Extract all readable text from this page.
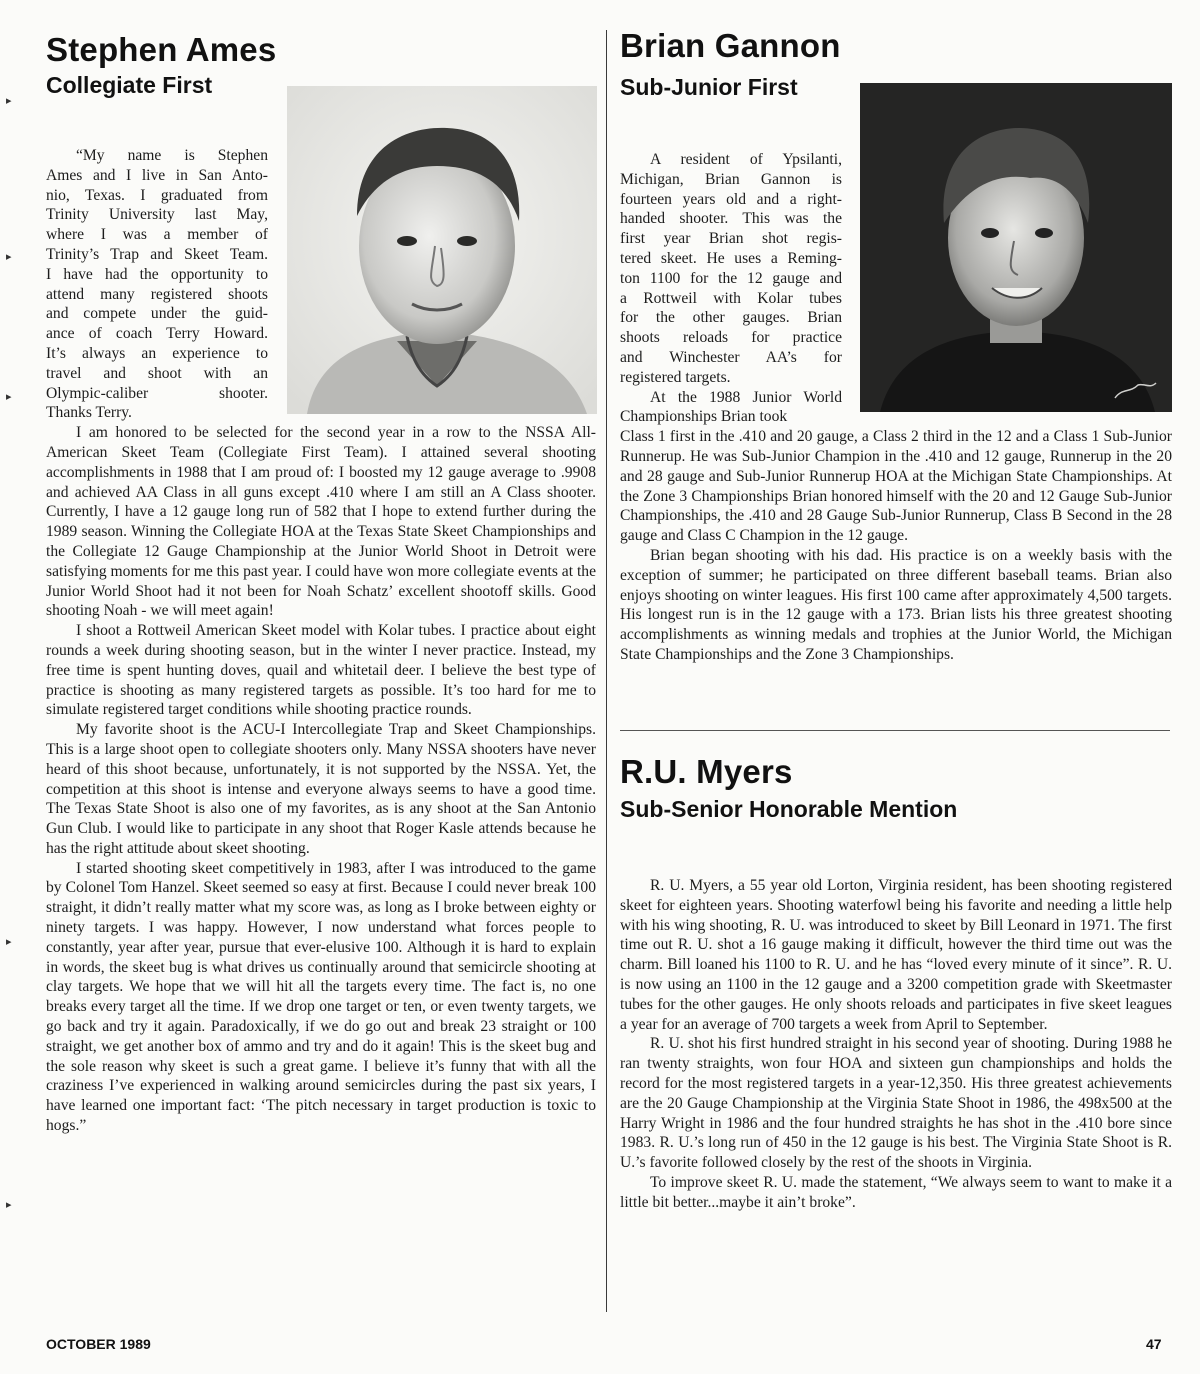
Stephen Ames
Collegiate First
“My name is Stephen
Ames and I live in San Anto-
nio, Texas. I graduated from
Trinity University last May,
where I was a member of
Trinity’s Trap and Skeet Team.
I have had the opportunity to
attend many registered shoots
and compete under the guid-
ance of coach Terry Howard.
It’s always an experience to
travel and shoot with an
Olympic-caliber shooter.
Thanks Terry.

I am honored to be selected for the second year in a row to the NSSA All-American Skeet Team (Collegiate First Team). I attained several shooting accomplishments in 1988 that I am proud of: I boosted my 12 gauge average to .9908 and achieved AA Class in all guns except .410 where I am still an A Class shooter. Currently, I have a 12 gauge long run of 582 that I hope to extend further during the 1989 season. Winning the Collegiate HOA at the Texas State Skeet Championships and the Collegiate 12 Gauge Championship at the Junior World Shoot in Detroit were satisfying moments for me this past year. I could have won more collegiate events at the Junior World Shoot had it not been for Noah Schatz’ excellent shootoff skills. Good shooting Noah - we will meet again!

I shoot a Rottweil American Skeet model with Kolar tubes. I practice about eight rounds a week during shooting season, but in the winter I never practice. Instead, my free time is spent hunting doves, quail and whitetail deer. I believe the best type of practice is shooting as many registered targets as possible. It’s too hard for me to simulate registered target conditions while shooting practice rounds.

My favorite shoot is the ACU-I Intercollegiate Trap and Skeet Championships. This is a large shoot open to collegiate shooters only. Many NSSA shooters have never heard of this shoot because, unfortunately, it is not supported by the NSSA. Yet, the competition at this shoot is intense and everyone always seems to have a good time. The Texas State Shoot is also one of my favorites, as is any shoot at the San Antonio Gun Club. I would like to participate in any shoot that Roger Kasle attends because he has the right attitude about skeet shooting.

I started shooting skeet competitively in 1983, after I was introduced to the game by Colonel Tom Hanzel. Skeet seemed so easy at first. Because I could never break 100 straight, it didn’t really matter what my score was, as long as I broke between eighty or ninety targets. I was happy. However, I now understand what forces people to constantly, year after year, pursue that ever-elusive 100. Although it is hard to explain in words, the skeet bug is what drives us continually around that semicircle shooting at clay targets. We hope that we will hit all the targets every time. The fact is, no one breaks every target all the time. If we drop one target or ten, or even twenty targets, we go back and try it again. Paradoxically, if we do go out and break 23 straight or 100 straight, we get another box of ammo and try and do it again! This is the skeet bug and the sole reason why skeet is such a great game. I believe it’s funny that with all the craziness I’ve experienced in walking around semicircles during the past six years, I have learned one important fact: ‘The pitch necessary in target production is toxic to hogs.”

Brian Gannon
Sub-Junior First
A resident of Ypsilanti,
Michigan, Brian Gannon is
fourteen years old and a right-
handed shooter. This was the
first year Brian shot regis-
tered skeet. He uses a Reming-
ton 1100 for the 12 gauge and
a Rottweil with Kolar tubes
for the other gauges. Brian
shoots reloads for practice
and Winchester AA’s for
registered targets.
At the 1988 Junior World
Championships Brian took

Class 1 first in the .410 and 20 gauge, a Class 2 third in the 12 and a Class 1 Sub-Junior Runnerup. He was Sub-Junior Champion in the .410 and 12 gauge, Runnerup in the 20 and 28 gauge and Sub-Junior Runnerup HOA at the Michigan State Championships. At the Zone 3 Championships Brian honored himself with the 20 and 12 Gauge Sub-Junior Championships, the .410 and 28 Gauge Sub-Junior Runnerup, Class B Second in the 28 gauge and Class C Champion in the 12 gauge.

Brian began shooting with his dad. His practice is on a weekly basis with the exception of summer; he participated on three different baseball teams. Brian also enjoys shooting on winter leagues. His first 100 came after approximately 4,500 targets. His longest run is in the 12 gauge with a 173. Brian lists his three greatest shooting accomplishments as winning medals and trophies at the Junior World, the Michigan State Championships and the Zone 3 Championships.

R.U. Myers
Sub-Senior Honorable Mention

R. U. Myers, a 55 year old Lorton, Virginia resident, has been shooting registered skeet for eighteen years. Shooting waterfowl being his favorite and needing a little help with his wing shooting, R. U. was introduced to skeet by Bill Leonard in 1971. The first time out R. U. shot a 16 gauge making it difficult, however the third time out was the charm. Bill loaned his 1100 to R. U. and he has “loved every minute of it since”. R. U. is now using an 1100 in the 12 gauge and a 3200 competition grade with Skeetmaster tubes for the other gauges. He only shoots reloads and participates in five skeet leagues a year for an average of 700 targets a week from April to September.

R. U. shot his first hundred straight in his second year of shooting. During 1988 he ran twenty straights, won four HOA and sixteen gun championships and holds the record for the most registered targets in a year-12,350. His three greatest achievements are the 20 Gauge Championship at the Virginia State Shoot in 1986, the 498x500 at the Harry Wright in 1986 and the four hundred straights he has shot in the .410 bore since 1983. R. U.’s long run of 450 in the 12 gauge is his best. The Virginia State Shoot is R. U.’s favorite followed closely by the rest of the shoots in Virginia.

To improve skeet R. U. made the statement, “We always seem to want to make it a little bit better...maybe it ain’t broke”.

OCTOBER 1989	47
▸
▸
▸
▸
▸
